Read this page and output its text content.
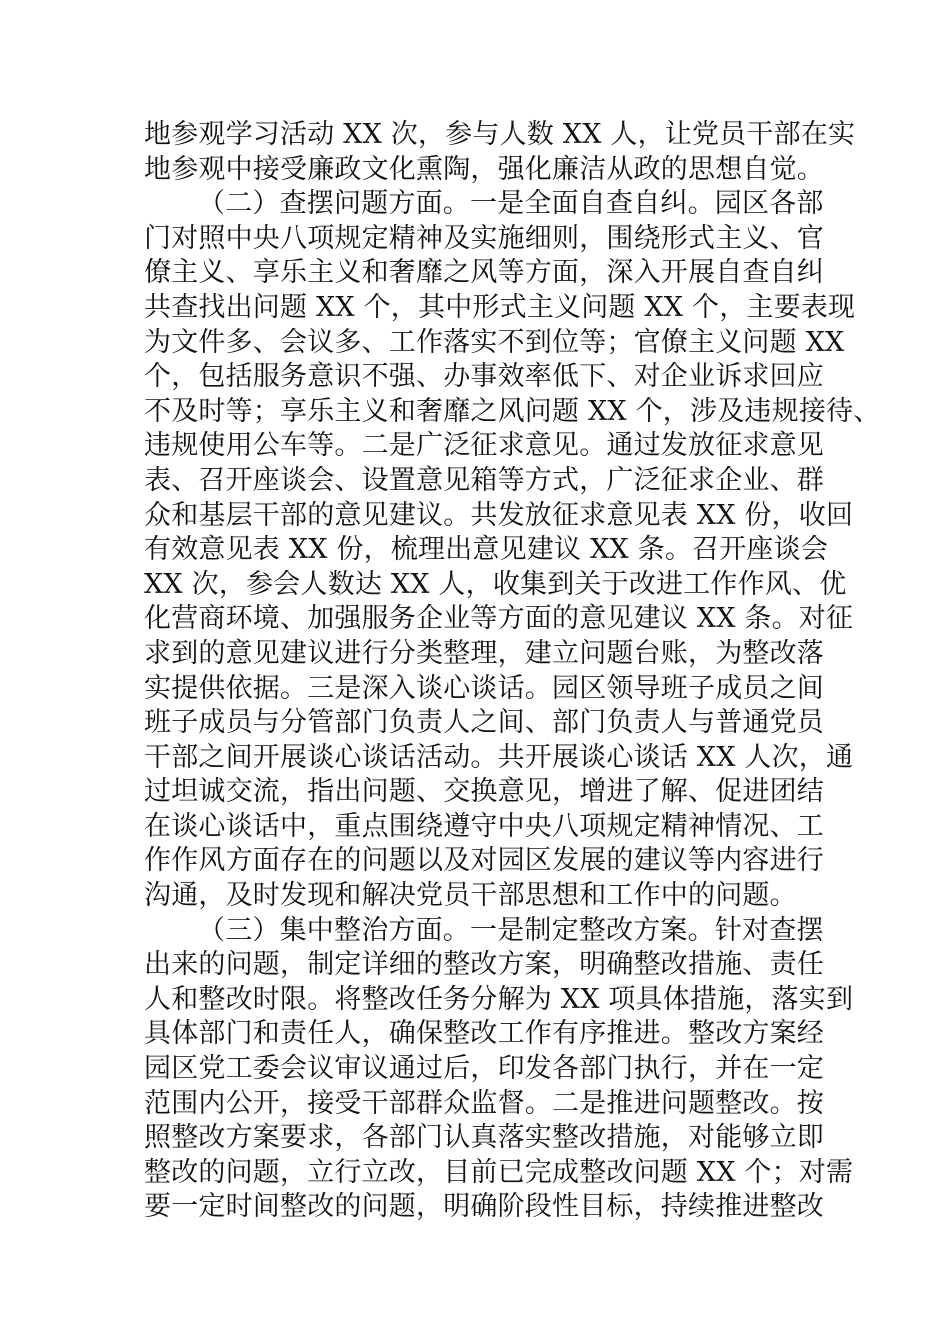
地参观学习活动 XX 次，参与人数 XX 人，让党员干部在实
地参观中接受廉政文化熏陶，强化廉洁从政的思想自觉。
（二）查摆问题方面。一是全面自查自纠。园区各部
门对照中央八项规定精神及实施细则，围绕形式主义、官
僚主义、享乐主义和奢靡之风等方面，深入开展自查自纠
共查找出问题 XX 个，其中形式主义问题 XX 个，主要表现
为文件多、会议多、工作落实不到位等；官僚主义问题 XX
个，包括服务意识不强、办事效率低下、对企业诉求回应
不及时等；享乐主义和奢靡之风问题 XX 个，涉及违规接待、
违规使用公车等。二是广泛征求意见。通过发放征求意见
表、召开座谈会、设置意见箱等方式，广泛征求企业、群
众和基层干部的意见建议。共发放征求意见表 XX 份，收回
有效意见表 XX 份，梳理出意见建议 XX 条。召开座谈会
XX 次，参会人数达 XX 人，收集到关于改进工作作风、优
化营商环境、加强服务企业等方面的意见建议 XX 条。对征
求到的意见建议进行分类整理，建立问题台账，为整改落
实提供依据。三是深入谈心谈话。园区领导班子成员之间
班子成员与分管部门负责人之间、部门负责人与普通党员
干部之间开展谈心谈话活动。共开展谈心谈话 XX 人次，通
过坦诚交流，指出问题、交换意见，增进了解、促进团结
在谈心谈话中，重点围绕遵守中央八项规定精神情况、工
作作风方面存在的问题以及对园区发展的建议等内容进行
沟通，及时发现和解决党员干部思想和工作中的问题。
（三）集中整治方面。一是制定整改方案。针对查摆
出来的问题，制定详细的整改方案，明确整改措施、责任
人和整改时限。将整改任务分解为 XX 项具体措施，落实到
具体部门和责任人，确保整改工作有序推进。整改方案经
园区党工委会议审议通过后，印发各部门执行，并在一定
范围内公开，接受干部群众监督。二是推进问题整改。按
照整改方案要求，各部门认真落实整改措施，对能够立即
整改的问题，立行立改，目前已完成整改问题 XX 个；对需
要一定时间整改的问题，明确阶段性目标，持续推进整改
